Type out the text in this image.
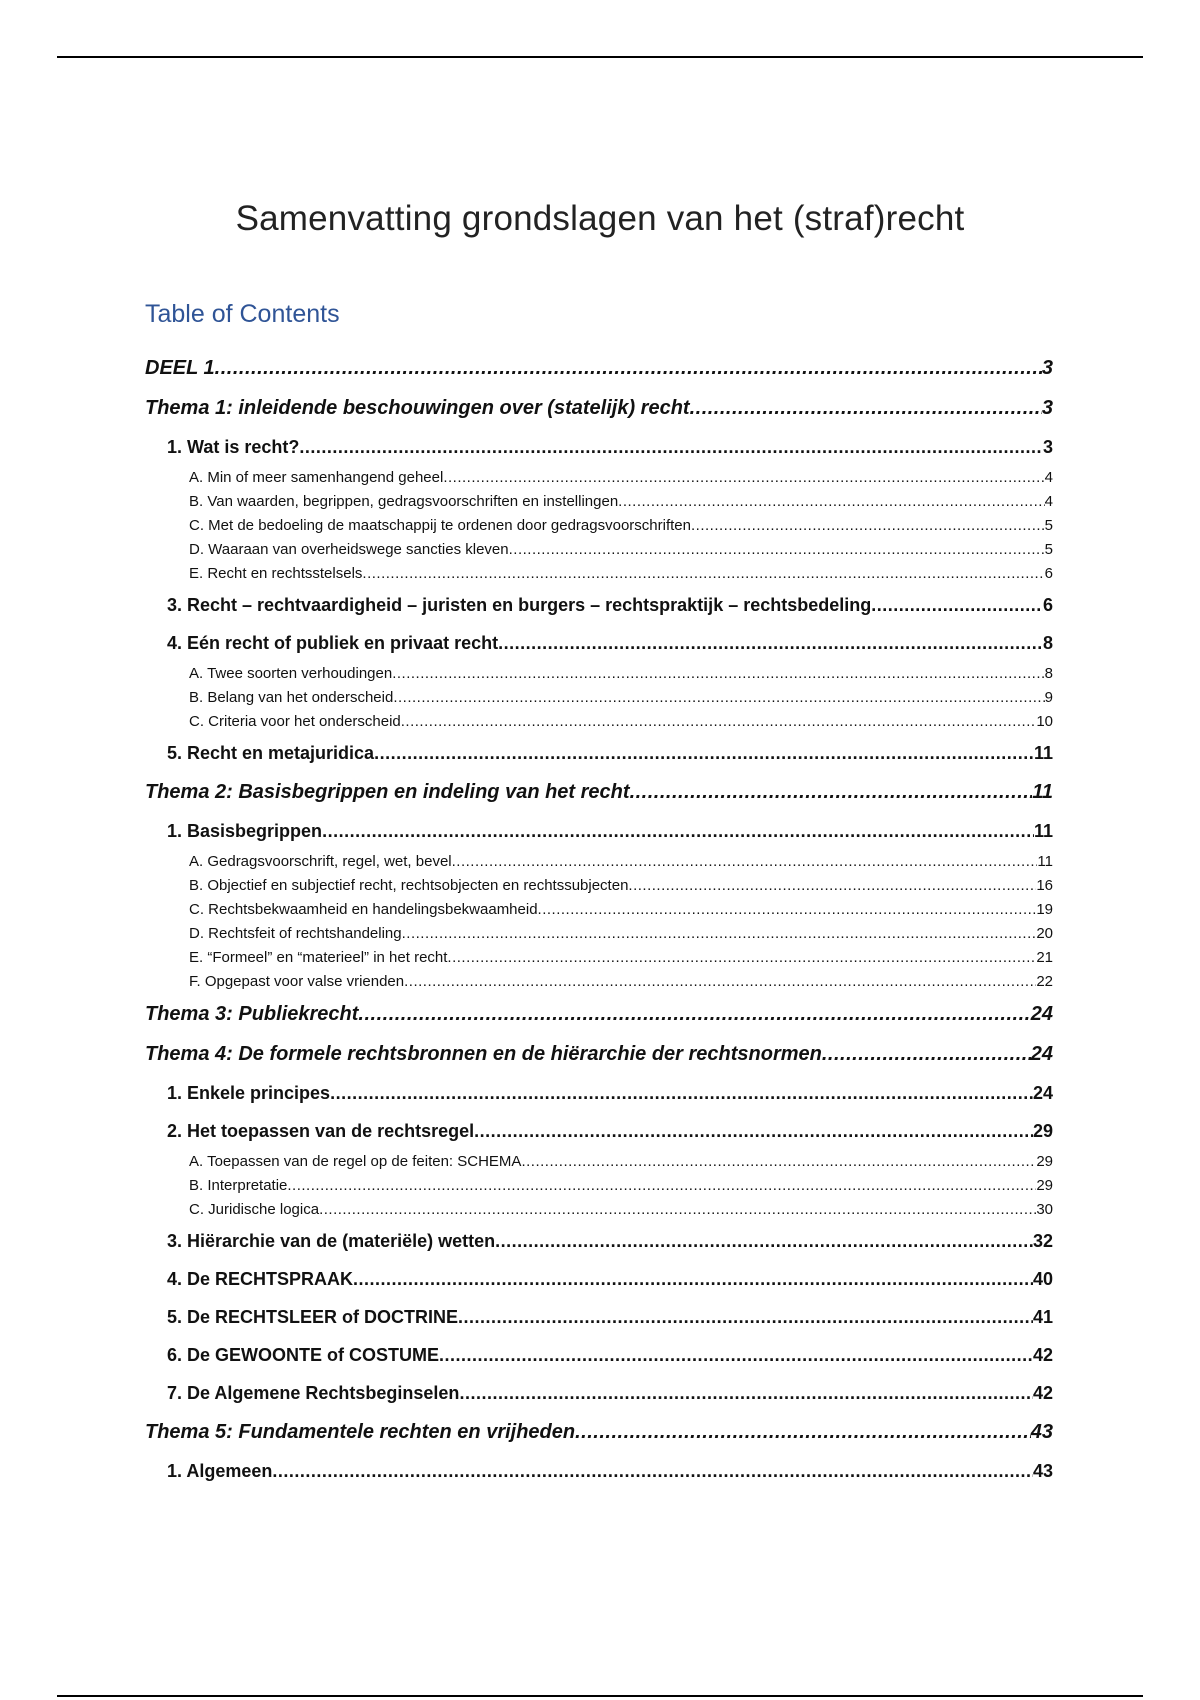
Samenvatting grondslagen van het (straf)recht
Table of Contents
DEEL 1 .....	3
Thema 1: inleidende beschouwingen over (statelijk) recht .....	3
1. Wat is recht? .....	3
A. Min of meer samenhangend geheel .....	4
B. Van waarden, begrippen, gedragsvoorschriften en instellingen .....	4
C. Met de bedoeling de maatschappij te ordenen door gedragsvoorschriften .....	5
D. Waaraan van overheidswege sancties kleven .....	5
E. Recht en rechtsstelsels .....	6
3. Recht – rechtvaardigheid – juristen en burgers – rechtspraktijk – rechtsbedeling .....	6
4. Eén recht of publiek en privaat recht .....	8
A. Twee soorten verhoudingen .....	8
B. Belang van het onderscheid .....	9
C. Criteria voor het onderscheid .....	10
5. Recht en metajuridica .....	11
Thema 2: Basisbegrippen en indeling van het recht .....	11
1. Basisbegrippen .....	11
A. Gedragsvoorschrift, regel, wet, bevel .....	11
B. Objectief en subjectief recht, rechtsobjecten en rechtssubjecten .....	16
C. Rechtsbekwaamheid en handelingsbekwaamheid .....	19
D. Rechtsfeit of rechtshandeling .....	20
E. “Formeel” en “materieel” in het recht .....	21
F. Opgepast voor valse vrienden .....	22
Thema 3: Publiekrecht .....	24
Thema 4: De formele rechtsbronnen en de hiërarchie der rechtsnormen .....	24
1. Enkele principes .....	24
2. Het toepassen van de rechtsregel .....	29
A. Toepassen van de regel op de feiten: SCHEMA .....	29
B. Interpretatie .....	29
C. Juridische logica .....	30
3. Hiërarchie van de (materiële) wetten .....	32
4. De RECHTSPRAAK .....	40
5. De RECHTSLEER of DOCTRINE .....	41
6. De GEWOONTE of COSTUME .....	42
7. De Algemene Rechtsbeginselen .....	42
Thema 5: Fundamentele rechten en vrijheden .....	43
1. Algemeen .....	43
